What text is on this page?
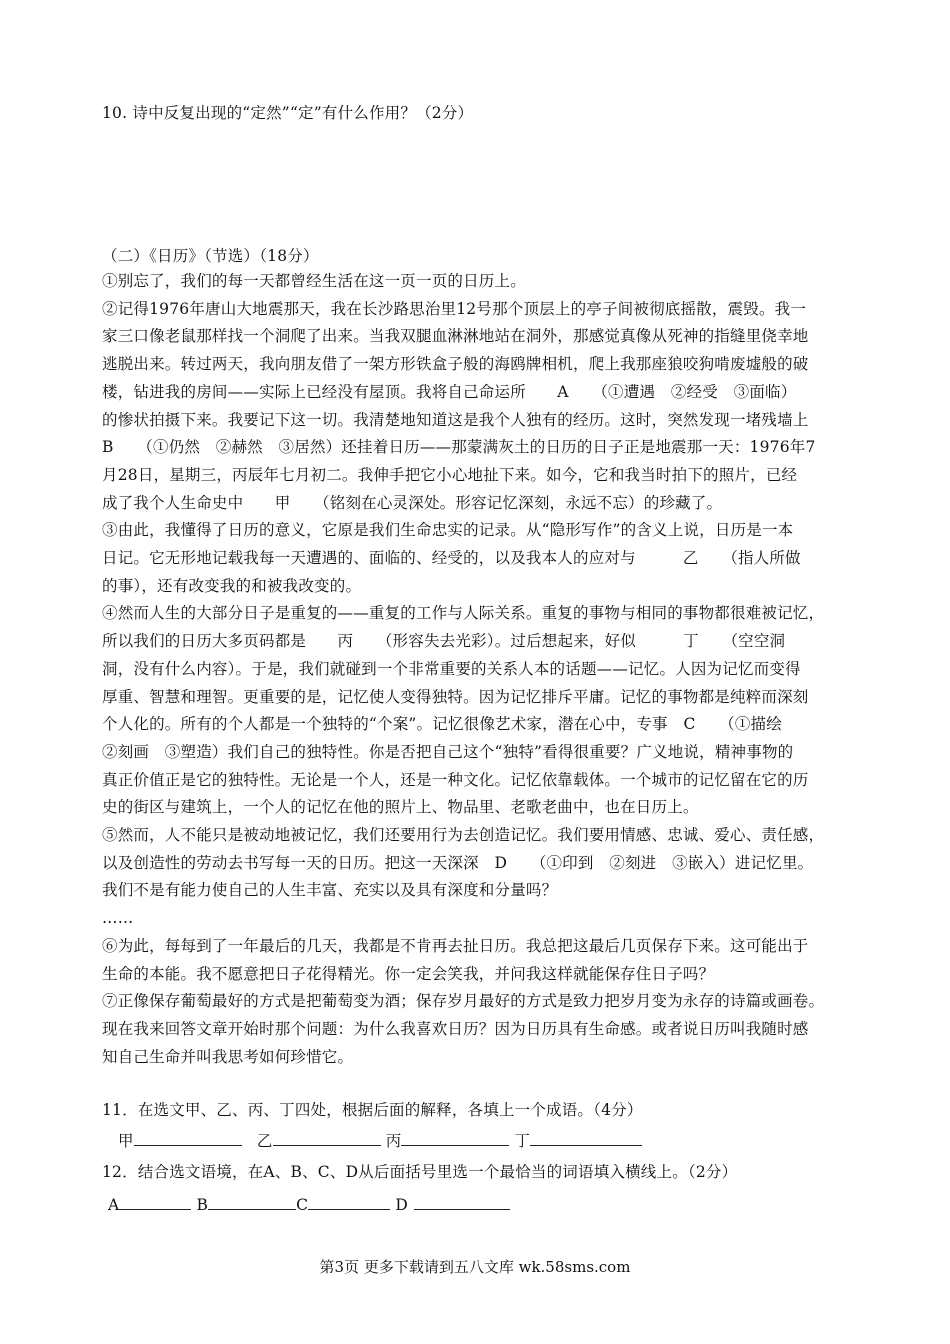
10. 诗中反复出现的“定然”“定”有什么作用？（2分）
（二）《日历》（节选）（18分）
①别忘了，我们的每一天都曾经生活在这一页一页的日历上。
②记得1976年唐山大地震那天，我在长沙路思治里12号那个顶层上的亭子间被彻底摇散，震毁。我一
家三口像老鼠那样找一个洞爬了出来。当我双腿血淋淋地站在洞外，那感觉真像从死神的指缝里侥幸地
逃脱出来。转过两天，我向朋友借了一架方形铁盒子般的海鸥牌相机，爬上我那座狼咬狗啃废墟般的破
楼，钻进我的房间——实际上已经没有屋顶。我将自己命运所　　A　　（①遭遇　②经受　③面临）
的惨状拍摄下来。我要记下这一切。我清楚地知道这是我个人独有的经历。这时，突然发现一堵残墙上
B　　（①仍然　②赫然　③居然）还挂着日历——那蒙满灰土的日历的日子正是地震那一天：1976年7
月28日，星期三，丙辰年七月初二。我伸手把它小心地扯下来。如今，它和我当时拍下的照片，已经
成了我个人生命史中　　甲　　（铭刻在心灵深处。形容记忆深刻，永远不忘）的珍藏了。
③由此，我懂得了日历的意义，它原是我们生命忠实的记录。从“隐形写作”的含义上说，日历是一本
日记。它无形地记载我每一天遭遇的、面临的、经受的，以及我本人的应对与　　　乙　　（指人所做
的事），还有改变我的和被我改变的。
④然而人生的大部分日子是重复的——重复的工作与人际关系。重复的事物与相同的事物都很难被记忆，
所以我们的日历大多页码都是　　丙　　（形容失去光彩）。过后想起来，好似　　　丁　　（空空洞
洞，没有什么内容）。于是，我们就碰到一个非常重要的关系人本的话题——记忆。人因为记忆而变得
厚重、智慧和理智。更重要的是，记忆使人变得独特。因为记忆排斥平庸。记忆的事物都是纯粹而深刻
个人化的。所有的个人都是一个独特的“个案”。记忆很像艺术家，潜在心中，专事　C　　（①描绘
②刻画　③塑造）我们自己的独特性。你是否把自己这个“独特”看得很重要？广义地说，精神事物的
真正价值正是它的独特性。无论是一个人，还是一种文化。记忆依靠载体。一个城市的记忆留在它的历
史的街区与建筑上，一个人的记忆在他的照片上、物品里、老歌老曲中，也在日历上。
⑤然而，人不能只是被动地被记忆，我们还要用行为去创造记忆。我们要用情感、忠诚、爱心、责任感，
以及创造性的劳动去书写每一天的日历。把这一天深深　D　　（①印到　②刻进　③嵌入）进记忆里。
我们不是有能力使自己的人生丰富、充实以及具有深度和分量吗？
……
⑥为此，每每到了一年最后的几天，我都是不肯再去扯日历。我总把这最后几页保存下来。这可能出于
生命的本能。我不愿意把日子花得精光。你一定会笑我，并问我这样就能保存住日子吗？
⑦正像保存葡萄最好的方式是把葡萄变为酒；保存岁月最好的方式是致力把岁月变为永存的诗篇或画卷。
现在我来回答文章开始时那个问题：为什么我喜欢日历？因为日历具有生命感。或者说日历叫我随时感
知自己生命并叫我思考如何珍惜它。
11．在选文甲、乙、丙、丁四处，根据后面的解释，各填上一个成语。（4分）
甲	乙	丙	丁
12．结合选文语境，在A、B、C、D从后面括号里选一个最恰当的词语填入横线上。（2分）
A	B	C	D
第3页 更多下载请到五八文库 wk.58sms.com
